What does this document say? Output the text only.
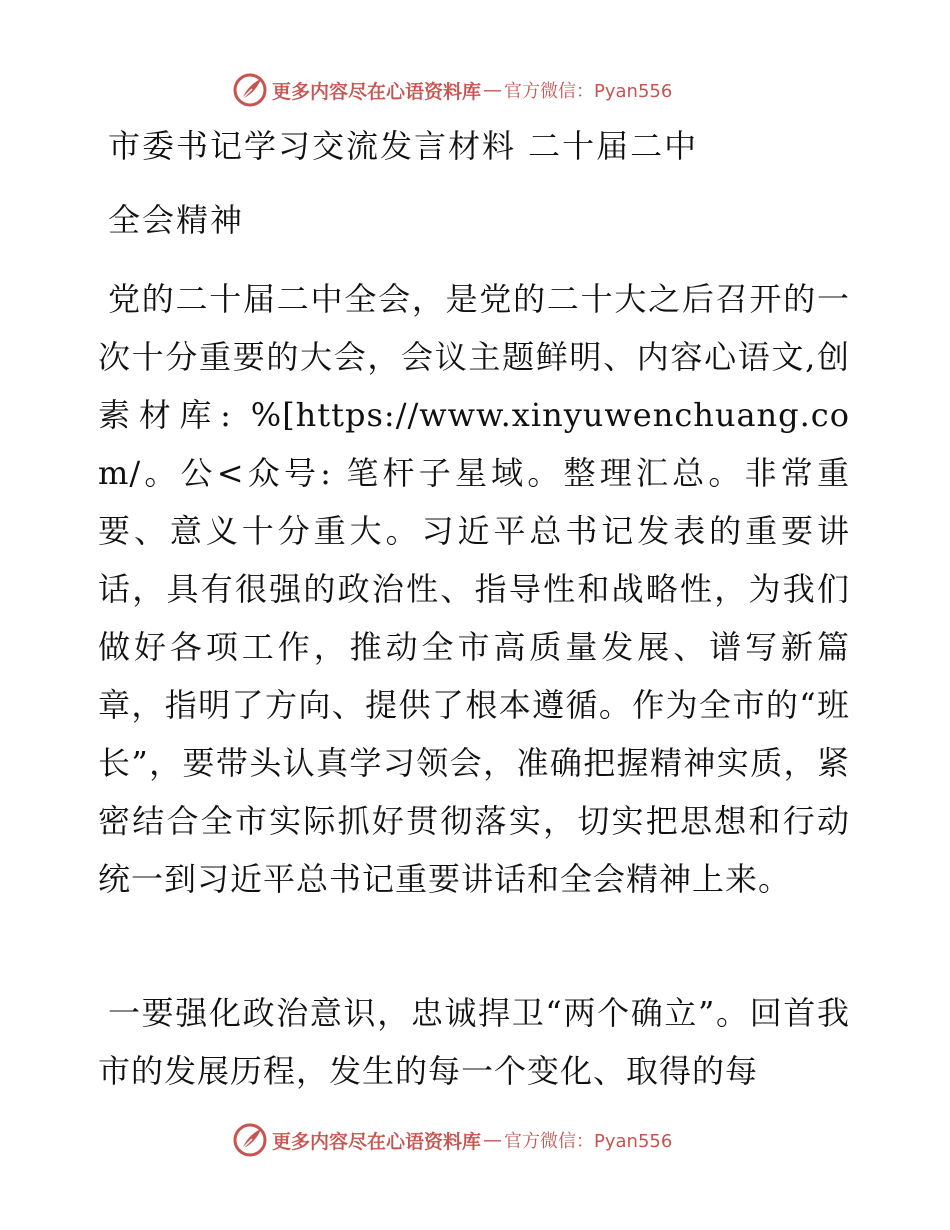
更多内容尽在心语资料库 — 官方微信：Pyan556
市委书记学习交流发言材料 二十届二中
全会精神

党的二十届二中全会，是党的二十大之后召开的一次十分重要的大会，会议主题鲜明、内容心语文,创素材库: %[https://www.xinyuwenchuang.com/。公<众号: 笔杆子星域。整理汇总。非常重要、意义十分重大。习近平总书记发表的重要讲话，具有很强的政治性、指导性和战略性，为我们做好各项工作，推动全市高质量发展、谱写新篇章，指明了方向、提供了根本遵循。作为全市的“班长”，要带头认真学习领会，准确把握精神实质，紧密结合全市实际抓好贯彻落实，切实把思想和行动统一到习近平总书记重要讲话和全会精神上来。

一要强化政治意识，忠诚捍卫“两个确立”。回首我市的发展历程，发生的每一个变化、取得的每

更多内容尽在心语资料库 — 官方微信：Pyan556
